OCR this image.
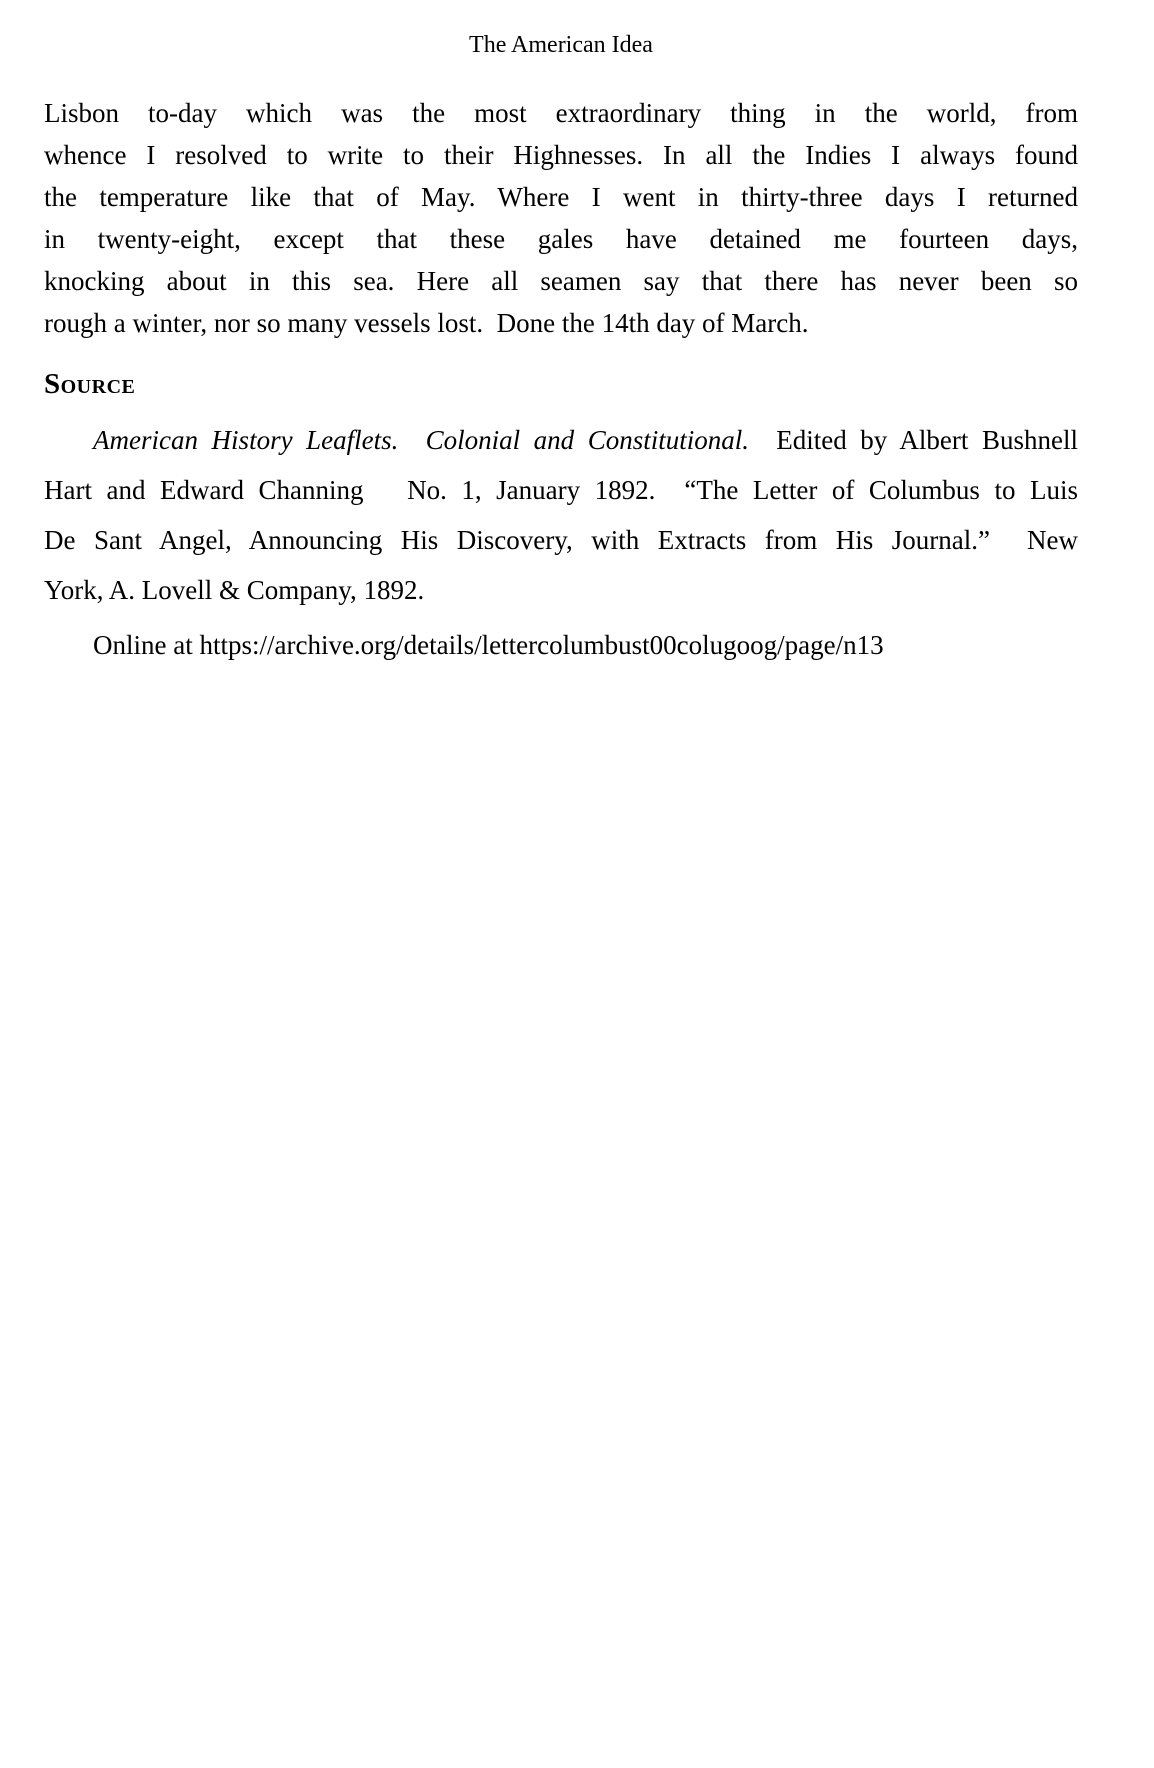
The American Idea
Lisbon to-day which was the most extraordinary thing in the world, from
whence I resolved to write to their Highnesses. In all the Indies I always found
the temperature like that of May. Where I went in thirty-three days I returned
in twenty-eight, except that these gales have detained me fourteen days,
knocking about in this sea. Here all seamen say that there has never been so
rough a winter, nor so many vessels lost.  Done the 14th day of March.
Source
American History Leaflets.  Colonial and Constitutional.  Edited by Albert Bushnell
Hart and Edward Channing   No. 1, January 1892.  “The Letter of Columbus to Luis
De Sant Angel, Announcing His Discovery, with Extracts from His Journal.”  New
York, A. Lovell & Company, 1892.
Online at https://archive.org/details/lettercolumbust00colugoog/page/n13
